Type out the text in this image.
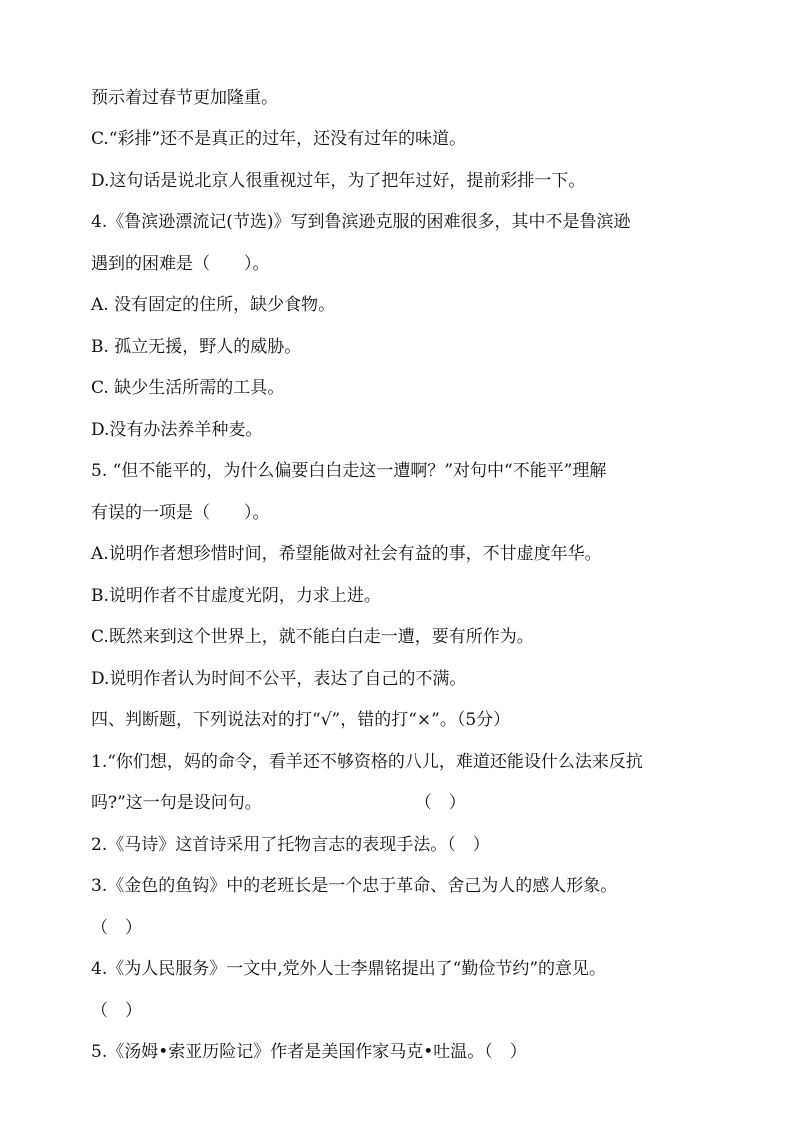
预示着过春节更加隆重。
C.“彩排”还不是真正的过年，还没有过年的味道。
D.这句话是说北京人很重视过年，为了把年过好，提前彩排一下。
4.《鲁滨逊漂流记(节选)》写到鲁滨逊克服的困难很多，其中不是鲁滨逊
遇到的困难是（　　）。
A. 没有固定的住所，缺少食物。
B. 孤立无援，野人的威胁。
C. 缺少生活所需的工具。
D.没有办法养羊种麦。
5. “但不能平的，为什么偏要白白走这一遭啊？”对句中“不能平”理解
有误的一项是（　　）。
A.说明作者想珍惜时间，希望能做对社会有益的事，不甘虚度年华。
B.说明作者不甘虚度光阴，力求上进。
C.既然来到这个世界上，就不能白白走一遭，要有所作为。
D.说明作者认为时间不公平，表达了自己的不满。
四、判断题，下列说法对的打“√”，错的打“×”。（5分）
1.“你们想，妈的命令，看羊还不够资格的八儿，难道还能设什么法来反抗
吗?”这一句是设问句。　　　　　　　　　　（　）
2.《马诗》这首诗采用了托物言志的表现手法。（　）
3.《金色的鱼钩》中的老班长是一个忠于革命、舍己为人的感人形象。
（　）
4.《为人民服务》一文中,党外人士李鼎铭提出了“勤俭节约”的意见。
（　）
5.《汤姆•索亚历险记》作者是美国作家马克•吐温。（　）
